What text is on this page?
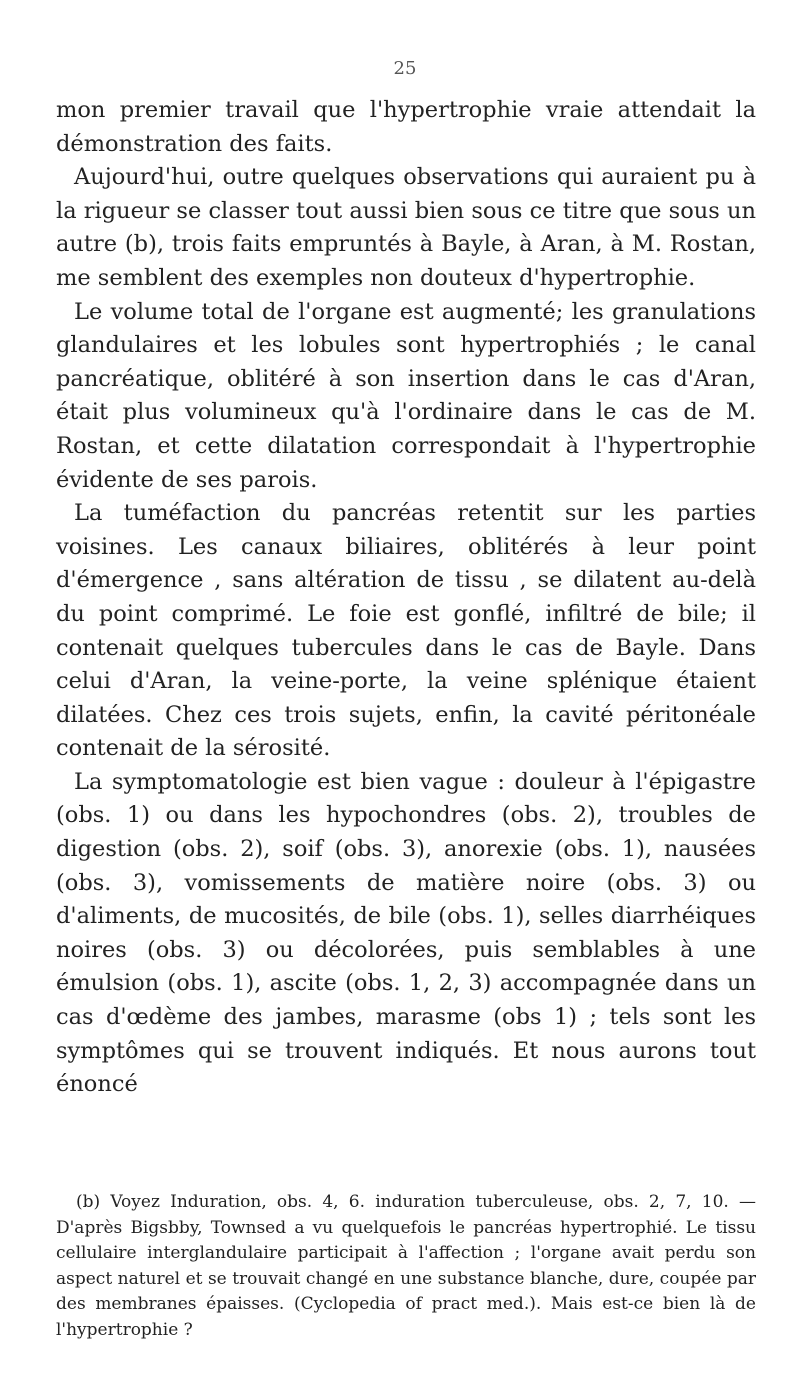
25

mon premier travail que l'hypertrophie vraie attendait la démonstration des faits.

Aujourd'hui, outre quelques observations qui auraient pu à la rigueur se classer tout aussi bien sous ce titre que sous un autre (b), trois faits empruntés à Bayle, à Aran, à M. Rostan, me semblent des exemples non douteux d'hypertrophie.

Le volume total de l'organe est augmenté; les granulations glandulaires et les lobules sont hypertrophiés ; le canal pancréatique, oblitéré à son insertion dans le cas d'Aran, était plus volumineux qu'à l'ordinaire dans le cas de M. Rostan, et cette dilatation correspondait à l'hypertrophie évidente de ses parois.

La tuméfaction du pancréas retentit sur les parties voisines. Les canaux biliaires, oblitérés à leur point d'émergence , sans altération de tissu , se dilatent au-delà du point comprimé. Le foie est gonflé, infiltré de bile; il contenait quelques tubercules dans le cas de Bayle. Dans celui d'Aran, la veine-porte, la veine splénique étaient dilatées. Chez ces trois sujets, enfin, la cavité péritonéale contenait de la sérosité.

La symptomatologie est bien vague : douleur à l'épigastre (obs. 1) ou dans les hypochondres (obs. 2), troubles de digestion (obs. 2), soif (obs. 3), anorexie (obs. 1), nausées (obs. 3), vomissements de matière noire (obs. 3) ou d'aliments, de mucosités, de bile (obs. 1), selles diarrhéiques noires (obs. 3) ou décolorées, puis semblables à une émulsion (obs. 1), ascite (obs. 1, 2, 3) accompagnée dans un cas d'œdème des jambes, marasme (obs 1) ; tels sont les symptômes qui se trouvent indiqués. Et nous aurons tout énoncé

(b) Voyez Induration, obs. 4, 6. induration tuberculeuse, obs. 2, 7, 10. — D'après Bigsbby, Townsed a vu quelquefois le pancréas hypertrophié. Le tissu cellulaire interglandulaire participait à l'affection ; l'organe avait perdu son aspect naturel et se trouvait changé en une substance blanche, dure, coupée par des membranes épaisses. (Cyclopedia of pract med.). Mais est-ce bien là de l'hypertrophie ?
